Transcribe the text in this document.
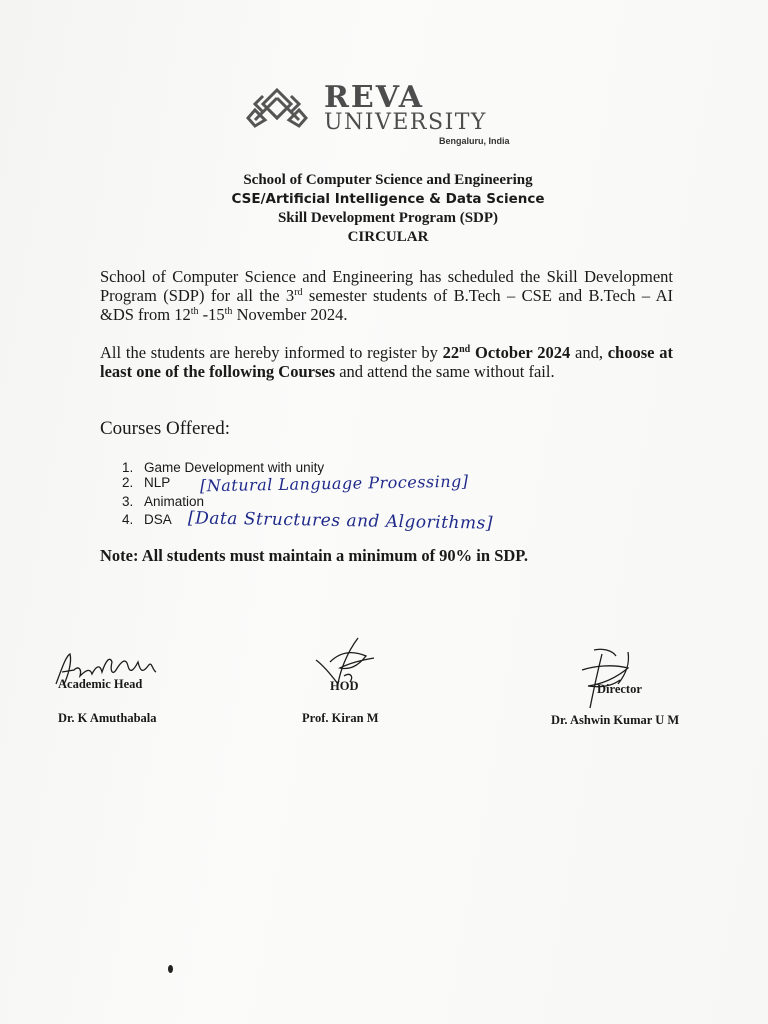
REVA
UNIVERSITY
Bengaluru, India
School of Computer Science and Engineering
CSE/Artificial Intelligence & Data Science
Skill Development Program (SDP)
CIRCULAR
School of Computer Science and Engineering has scheduled the Skill Development Program (SDP) for all the 3rd semester students of B.Tech – CSE and B.Tech – AI &DS from 12th -15th November 2024.
All the students are hereby informed to register by 22nd October 2024 and, choose at least one of the following Courses and attend the same without fail.
Courses Offered:
1. Game Development with unity
2. NLP
3. Animation
4. DSA
[Natural Language Processing]
[Data Structures and Algorithms]
Note: All students must maintain a minimum of 90% in SDP.
Academic Head
Dr. K Amuthabala
HOD
Prof. Kiran M
Director
Dr. Ashwin Kumar U M
